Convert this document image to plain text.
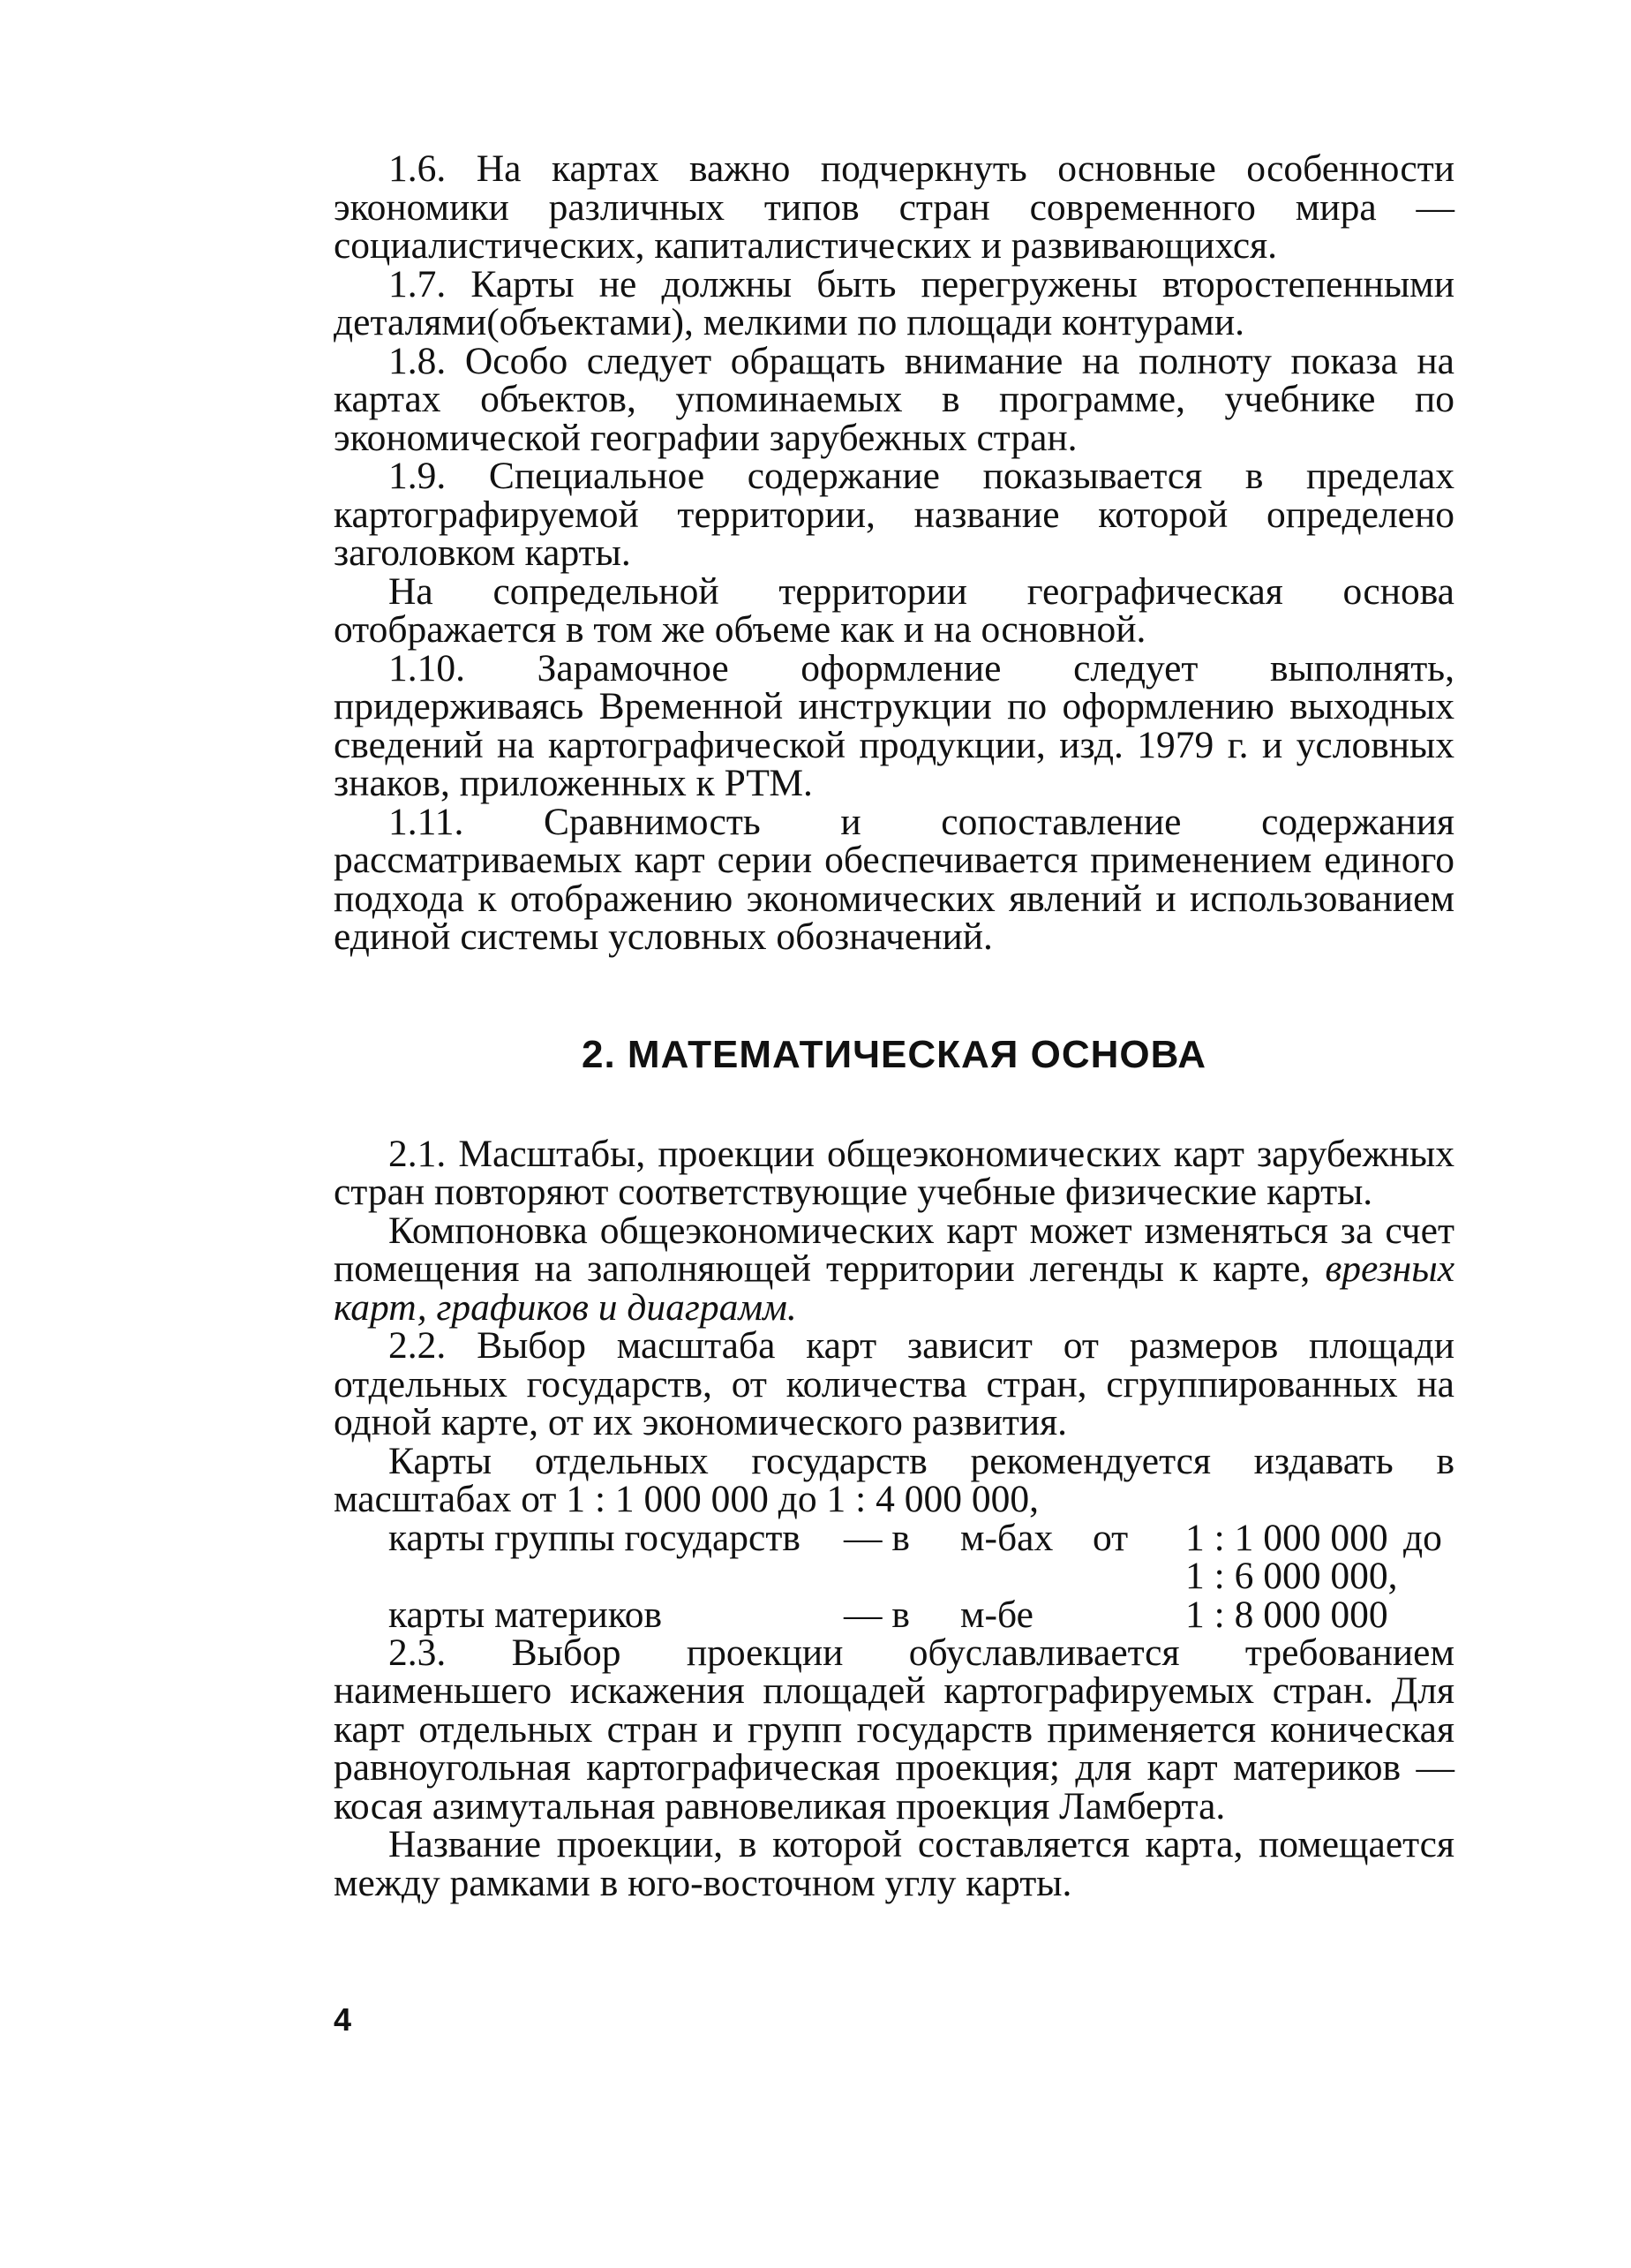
1.6. На картах важно подчеркнуть основные особенности экономики различных типов стран современного мира — социалистических, капиталистических и развивающихся.

1.7. Карты не должны быть перегружены второстепенными деталями(объектами), мелкими по площади контурами.

1.8. Особо следует обращать внимание на полноту показа на картах объектов, упоминаемых в программе, учебнике по экономической географии зарубежных стран.

1.9. Специальное содержание показывается в пределах картографируемой территории, название которой определено заголовком карты.

На сопредельной территории географическая основа отображается в том же объеме как и на основной.

1.10. Зарамочное оформление следует выполнять, придерживаясь Временной инструкции по оформлению выходных сведений на картографической продукции, изд. 1979 г. и условных знаков, приложенных к РТМ.

1.11. Сравнимость и сопоставление содержания рассматриваемых карт серии обеспечивается применением единого подхода к отображению экономических явлений и использованием единой системы условных обозначений.

2. МАТЕМАТИЧЕСКАЯ ОСНОВА

2.1. Масштабы, проекции общеэкономических карт зарубежных стран повторяют соответствующие учебные физические карты.

Компоновка общеэкономических карт может изменяться за счет помещения на заполняющей территории легенды к карте, врезных карт, графиков и диаграмм.

2.2. Выбор масштаба карт зависит от размеров площади отдельных государств, от количества стран, сгруппированных на одной карте, от их экономического развития.

Карты отдельных государств рекомендуется издавать в масштабах от 1 : 1 000 000 до 1 : 4 000 000,

карты группы государств — в м-бах от 1 : 1 000 000 до
1 : 6 000 000,
карты материков	— в м-бе	1 : 8 000 000

2.3. Выбор проекции обуславливается требованием наименьшего искажения площадей картографируемых стран. Для карт отдельных стран и групп государств применяется коническая равноугольная картографическая проекция; для карт материков — косая азимутальная равновеликая проекция Ламберта.

Название проекции, в которой составляется карта, помещается между рамками в юго-восточном углу карты.

4
